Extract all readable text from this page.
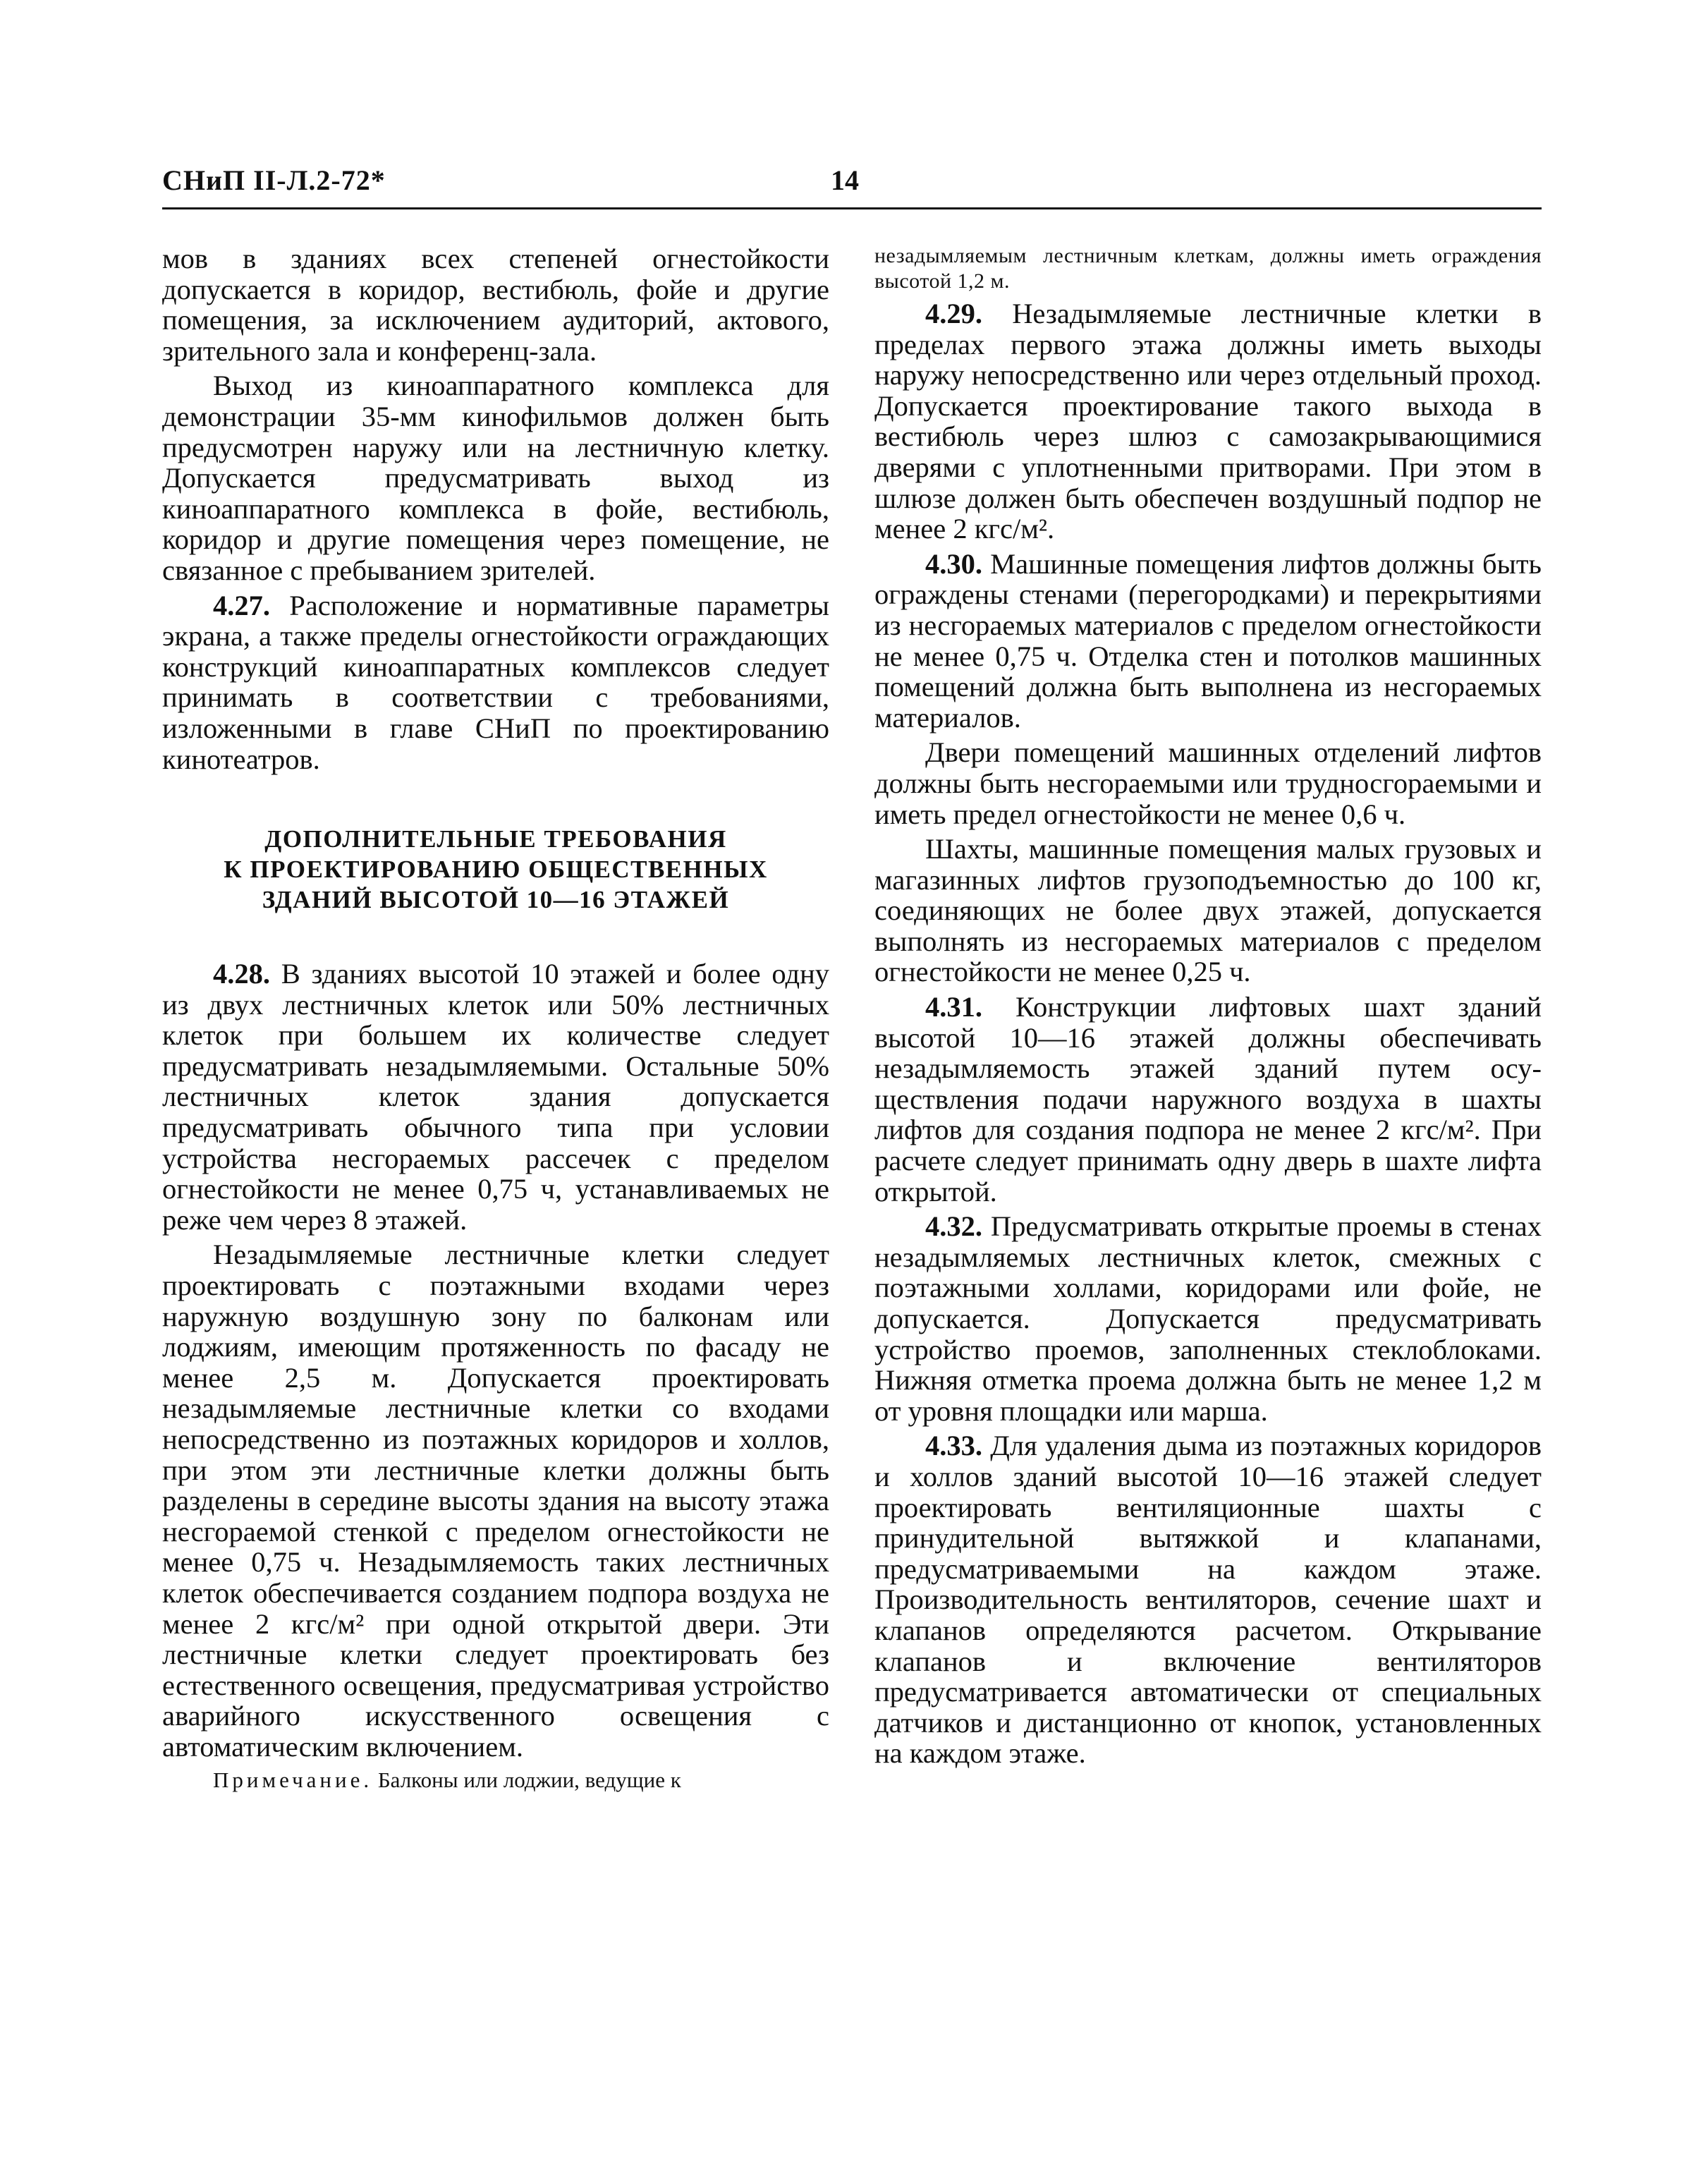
СНиП II-Л.2-72*	14

мов в зданиях всех степеней огнестойкости допускается в коридор, вестибюль, фойе и другие помещения, за исключением аудиторий, актового, зрительного зала и конференц-зала.

Выход из киноаппаратного комплекса для демонстрации 35-мм кинофильмов должен быть предусмотрен наружу или на лестничную клетку. Допускается предусматривать выход из киноаппаратного комплекса в фойе, вестибюль, коридор и другие помещения через помещение, не связанное с пребыванием зрителей.

4.27. Расположение и нормативные параметры экрана, а также пределы огнестойкости ограждающих конструкций киноаппаратных комплексов следует принимать в соответствии с требованиями, изложенными в главе СНиП по проектированию кинотеатров.

ДОПОЛНИТЕЛЬНЫЕ ТРЕБОВАНИЯ
К ПРОЕКТИРОВАНИЮ ОБЩЕСТВЕННЫХ
ЗДАНИЙ ВЫСОТОЙ 10—16 ЭТАЖЕЙ

4.28. В зданиях высотой 10 этажей и более одну из двух лестничных клеток или 50% лестничных клеток при большем их количестве следует предусматривать незадымляемыми. Остальные 50% лестничных клеток здания допускается предусматривать обычного типа при условии устройства несгораемых рассечек с пределом огнестойкости не менее 0,75 ч, устанавливаемых не реже чем через 8 этажей.

Незадымляемые лестничные клетки следует проектировать с поэтажными входами через наружную воздушную зону по балконам или лоджиям, имеющим протяженность по фасаду не менее 2,5 м. Допускается проектировать незадымляемые лестничные клетки со входами непосредственно из поэтажных коридоров и холлов, при этом эти лестничные клетки должны быть разделены в середине высоты здания на высоту этажа несгораемой стенкой с пределом огнестойкости не менее 0,75 ч. Незадымляемость таких лестничных клеток обеспечивается созданием подпора воздуха не менее 2 кгс/м² при одной открытой двери. Эти лестничные клетки следует проектировать без естественного освещения, предусматривая устройство аварийного искусственного освещения с автоматическим включением.

Примечание. Балконы или лоджии, ведущие к

незадымляемым лестничным клеткам, должны иметь ограждения высотой 1,2 м.

4.29. Незадымляемые лестничные клетки в пределах первого этажа должны иметь выходы наружу непосредственно или через отдельный проход. Допускается проектирование такого выхода в вестибюль через шлюз с самозакрывающимися дверями с уплотненными притворами. При этом в шлюзе должен быть обеспечен воздушный подпор не менее 2 кгс/м².

4.30. Машинные помещения лифтов должны быть ограждены стенами (перегородками) и перекрытиями из несгораемых материалов с пределом огнестойкости не менее 0,75 ч. Отделка стен и потолков машинных помещений должна быть выполнена из несгораемых материалов.

Двери помещений машинных отделений лифтов должны быть несгораемыми или трудносгораемыми и иметь предел огнестойкости не менее 0,6 ч.

Шахты, машинные помещения малых грузовых и магазинных лифтов грузоподъемностью до 100 кг, соединяющих не более двух этажей, допускается выполнять из несгораемых материалов с пределом огнестойкости не менее 0,25 ч.

4.31. Конструкции лифтовых шахт зданий высотой 10—16 этажей должны обеспечивать незадымляемость этажей зданий путем осуществления подачи наружного воздуха в шахты лифтов для создания подпора не менее 2 кгс/м². При расчете следует принимать одну дверь в шахте лифта открытой.

4.32. Предусматривать открытые проемы в стенах незадымляемых лестничных клеток, смежных с поэтажными холлами, коридорами или фойе, не допускается. Допускается предусматривать устройство проемов, заполненных стеклоблоками. Нижняя отметка проема должна быть не менее 1,2 м от уровня площадки или марша.

4.33. Для удаления дыма из поэтажных коридоров и холлов зданий высотой 10—16 этажей следует проектировать вентиляционные шахты с принудительной вытяжкой и клапанами, предусматриваемыми на каждом этаже. Производительность вентиляторов, сечение шахт и клапанов определяются расчетом. Открывание клапанов и включение вентиляторов предусматривается автоматически от специальных датчиков и дистанционно от кнопок, установленных на каждом этаже.
